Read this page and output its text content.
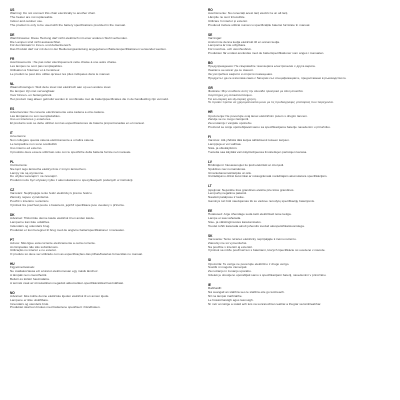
US
Warning: Do not connect this chair electrically to another chair.
The heater are not replaceable.
Indoor and outdoor use.
The product is only to be used with the battery specifications provided in the manual.
DE
Warnhinweise: Diese Heizung darf nicht elektrisch mit einer anderen Stuhl verbunden.
Die Lampen sind nicht austauschbar.
Für den Einsatz in Innen- und Außenbereich.
Das Produkt darf nur mit den in der Bedienungsanleitung angegebenen Batteriespezifikationen verwendet werden.
FR
Avertissements : Ne pas relier électriquement cette chaise à une autre chaise.
Les lampes ne sont pas remplaçables.
Utilisation à l'intérieur et à l'extérieur.
Le produit ne peut être utilisé qu'avec les piles indiquées dans le manuel.
NL
Waarschuwingen: Sluit deze stoel niet elektrisch aan op een andere stoel.
De lampen zijn niet vervangbaar.
Voor binnen- en buitengebruik.
Het product mag alleen gebruikt worden in combinatie met de batterijspecificaties die in de handleiding zijn vermeld.
ES
Advertencias: No conecte eléctricamente esta cadena a otra cadena.
Las lámparas no son reemplazables.
Uso en interiores y exteriores.
El producto solo se debe utilizar con las especificaciones de batería proporcionadas en el manual.
IT
Avvertenze:
Non collegare questa catena elettricamente a un'altra catena.
Le lampadine non sono sostituibili.
Uso interno ed esterno.
Il prodotto deve essere utilizzato solo con le specifiche della batteria fornite nel manuale.
PL
Ostrzeżenia:
Nie łącz tego łańcucha elektrycznie z innym łańcuchem.
Lampy nie są wymienne.
Do użytku wewnątrz i na zewnątrz.
Produkt może być używany tylko z akumulatorami o specyfikacjach podanych w instrukcji.
CZ
Varování: Nepřipojujte tento řetěz elektricky k jinému řetězu.
Žárovky nejsou vyměnitelné.
Použití v interiéru i exteriéru.
Výrobek lze používat pouze s bateriemi, jejichž specifikace jsou uvedeny v příručce.
DK
Advarsel: Tilslut ikke denne kæde elektrisk til en anden kæde.
Lamperne kan ikke udskiftes.
Indendørs og udendørs brug.
Produktet er kun beregnet til brug med de angivne batterispecifikationer i manualen.
PT
Avisos: Não ligue esta corrente eletricamente a outra corrente.
As lâmpadas não são substituíveis.
Utilização no interior e no exterior.
O produto só deve ser utilizado com as especificações das pilhas/baterias fornecidas no manual.
HU
Figyelmeztetések:
Ne csatlakoztassa ezt a láncot elektromosan egy másik lánchoz.
A lámpák nem cserélhetők.
Beltéri és kültéri használatra.
A termék csak az útmutatóban megadott akkumulátor-specifikációkkal használható.
NO
Advarsel: Ikke koble denne elektriske kjeden elektrisk til en annen kjede.
Lampene er ikke utskiftbare.
Innendørs og utendørs bruk.
Produktet skal kun brukes med batteriene spesifisert i håndboken.
RO
Avertismente: Nu conectați acest lanț electric la un alt lanț.
Lămpile nu sunt înlocuibile.
Utilizare în interior și exterior.
Produsul trebuie utilizat numai cu specificațiile bateriei furnizate în manual.
SE
Varningar:
Anslut inte denna kedja elektriskt till en annan kedja.
Lamporna är inte utbytbara.
För inomhus- och utomhusbruk.
Produkten får endast användas med de batterispecifikationer som anges i manualen.
BG
Предупреждения: Не свързвайте тази верига електрически с друга верига.
Лампите не могат да се сменят.
За употреба в закрити и открити помещения.
Продуктът да се използва само с батерии със спецификациите, предоставени в ръководството.
GR
Illustrare: Μην συνδέετε αυτή την αλυσίδα ηλεκτρικά με άλλη αλυσίδα.
Λαμπτήρες μη αντικαταστάσιμοι.
Για εσωτερική και εξωτερική χρήση.
Το προϊόν πρέπει να χρησιμοποιείται μόνο με τις προδιαγραφές μπαταρίας που παρέχονται.
HR
Upozorenja: Ne povezujte ovaj lanac električnim putem s drugim lancem.
Žarulje se ne mogu zamijeniti.
Za unutarnju i vanjsku upotrebu.
Proizvod se smije upotrebljavati samo sa specifikacijama baterije navedenim u priručniku.
FI
Varoitus: Älä yhdistä tätä ketjua sähköisesti toiseen ketjuun.
Lamppuja ei voi vaihtaa.
Sisä- ja ulkokäyttöön.
Tuotetta saa käyttää vain käyttöohjeessa ilmoitettujen paristojen kanssa.
LV
Brīdinājumi: Nesavienojiet šo ķēdi elektriski ar citu ķēdi.
Spuldzes nav nomaināmas.
Izmantošanai iekštelpās un ārā.
Izstrādājumu drīkst lietot tikai ar rokasgrāmatā norādītajām akumulatora specifikācijām.
LT
Įspėjimai: Nejunkite šios grandinės elektra prie kitos grandinės.
Lempučių negalima pakeisti.
Naudoti patalpose ir lauke.
Gaminys turi būti naudojamas tik su vadove nurodytų specifikacijų baterijomis.
EE
Hoiatused: Ärge ühendage seda ketti elektriliselt teise ketiga.
Lampe ei saa vahetada.
Sise- ja välistingimustes kasutamiseks.
Toodet tohib kasutada ainult juhendis toodud akuspetsifikatsioonidega.
SK
Varovania: Tento reťazec elektricky nepripájajte k inému reťazcu.
Žiarovky nie sú vymeniteľné.
Na použitie v interiéri aj exteriéri.
Výrobok sa môže používať len s batériami, ktorých špecifikácie sú uvedené v návode.
SI
Opozorila: Te verige ne povezujte električno z drugo verigo.
Svetilk ni mogoče zamenjati.
Za notranjo in zunanjo uporabo.
Izdelek je dovoljeno uporabljati samo s specifikacijami baterij, navedenimi v priročniku.
IE
Rabhaidh:
Ná ceangail an slabhra seo le slabhra eile go leictreach.
Níl na lampaí inathraithe.
Le húsáid laistigh agus lasmuigh.
Ní mór an táirge a úsáid ach leis na sonraíochtaí ceallraí a thugtar sa lámhleabhar.
